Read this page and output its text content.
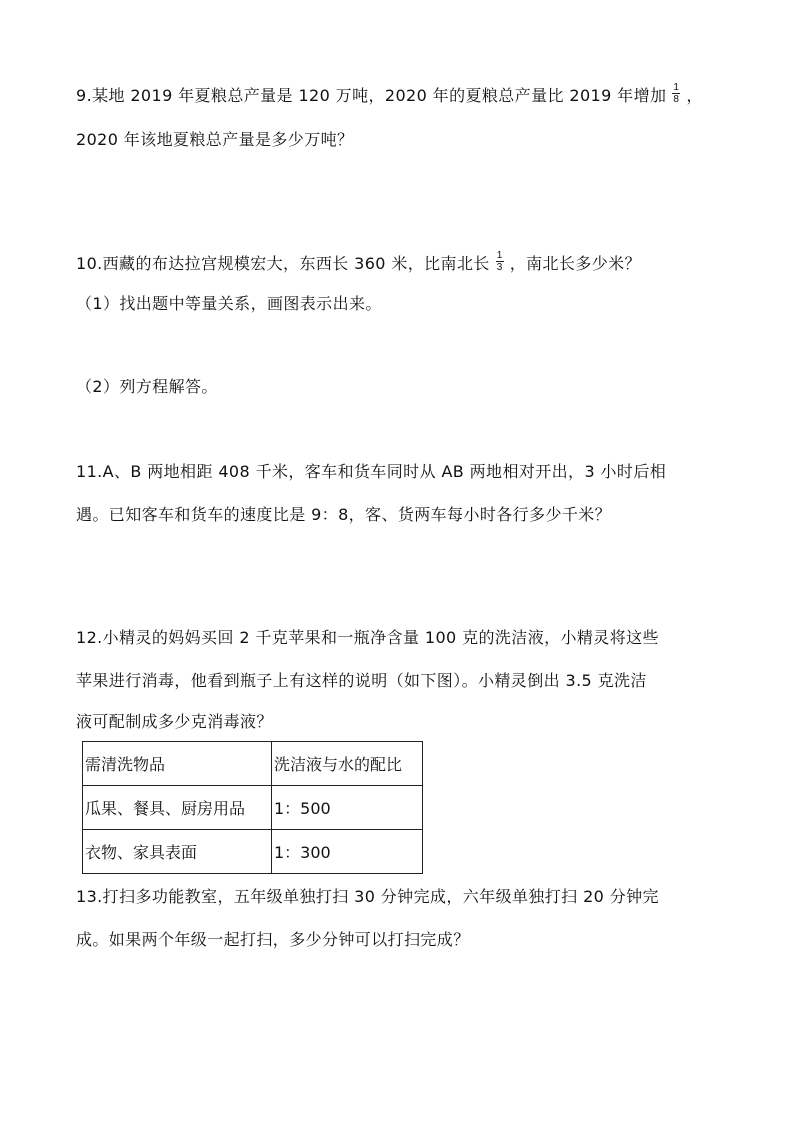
9.某地 2019 年夏粮总产量是 120 万吨，2020 年的夏粮总产量比 2019 年增加 $\frac{1}{8}$ ，
2020 年该地夏粮总产量是多少万吨？
10.西藏的布达拉宫规模宏大，东西长 360 米，比南北长 $\frac{1}{3}$ ，南北长多少米？
（1）找出题中等量关系，画图表示出来。
（2）列方程解答。
11.A、B 两地相距 408 千米，客车和货车同时从 AB 两地相对开出，3 小时后相
遇。已知客车和货车的速度比是 9：8，客、货两车每小时各行多少千米？
12.小精灵的妈妈买回 2 千克苹果和一瓶净含量 100 克的洗洁液，小精灵将这些
苹果进行消毒，他看到瓶子上有这样的说明（如下图）。小精灵倒出 3.5 克洗洁
液可配制成多少克消毒液？
需清洗物品	洗洁液与水的配比
瓜果、餐具、厨房用品	1：500
衣物、家具表面	1：300
13.打扫多功能教室，五年级单独打扫 30 分钟完成，六年级单独打扫 20 分钟完
成。如果两个年级一起打扫，多少分钟可以打扫完成？
